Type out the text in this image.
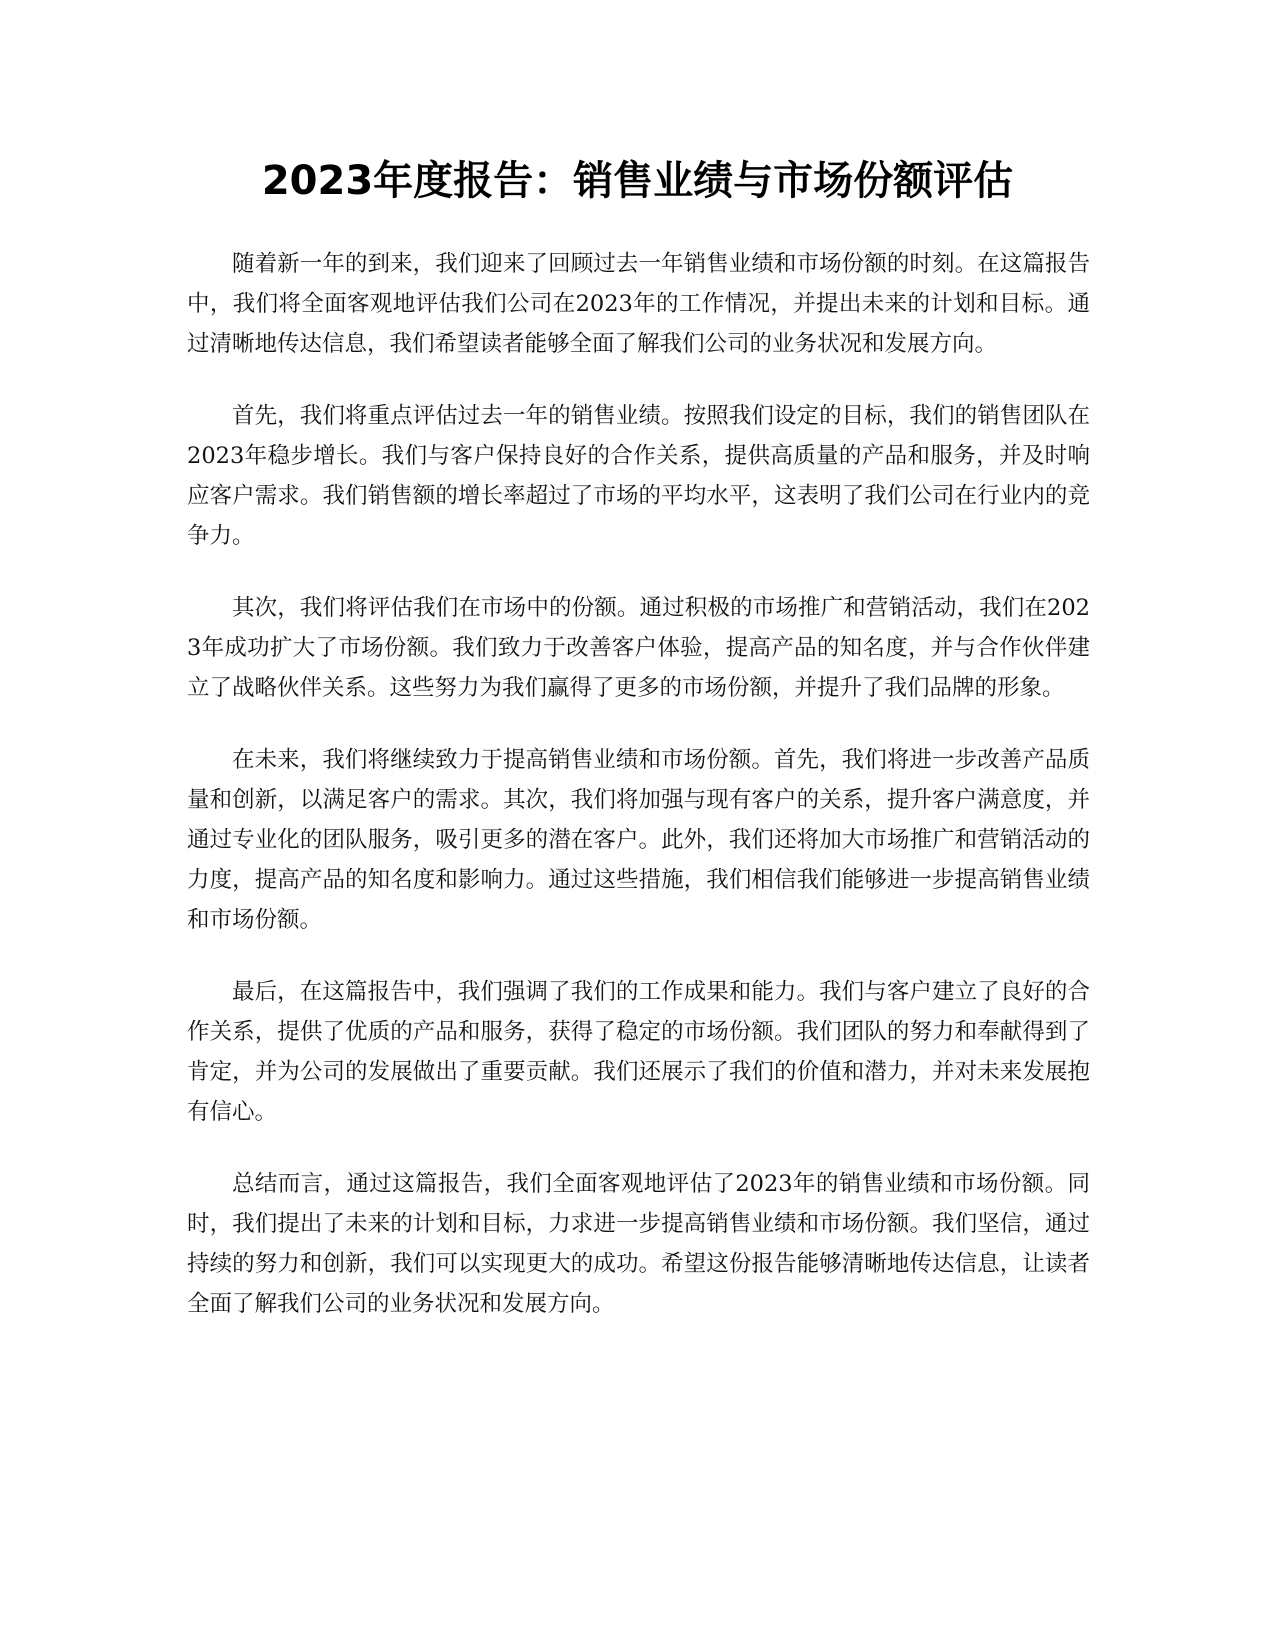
2023年度报告：销售业绩与市场份额评估

随着新一年的到来，我们迎来了回顾过去一年销售业绩和市场份额的时刻。在这篇报告中，我们将全面客观地评估我们公司在2023年的工作情况，并提出未来的计划和目标。通过清晰地传达信息，我们希望读者能够全面了解我们公司的业务状况和发展方向。

首先，我们将重点评估过去一年的销售业绩。按照我们设定的目标，我们的销售团队在2023年稳步增长。我们与客户保持良好的合作关系，提供高质量的产品和服务，并及时响应客户需求。我们销售额的增长率超过了市场的平均水平，这表明了我们公司在行业内的竞争力。

其次，我们将评估我们在市场中的份额。通过积极的市场推广和营销活动，我们在2023年成功扩大了市场份额。我们致力于改善客户体验，提高产品的知名度，并与合作伙伴建立了战略伙伴关系。这些努力为我们赢得了更多的市场份额，并提升了我们品牌的形象。

在未来，我们将继续致力于提高销售业绩和市场份额。首先，我们将进一步改善产品质量和创新，以满足客户的需求。其次，我们将加强与现有客户的关系，提升客户满意度，并通过专业化的团队服务，吸引更多的潜在客户。此外，我们还将加大市场推广和营销活动的力度，提高产品的知名度和影响力。通过这些措施，我们相信我们能够进一步提高销售业绩和市场份额。

最后，在这篇报告中，我们强调了我们的工作成果和能力。我们与客户建立了良好的合作关系，提供了优质的产品和服务，获得了稳定的市场份额。我们团队的努力和奉献得到了肯定，并为公司的发展做出了重要贡献。我们还展示了我们的价值和潜力，并对未来发展抱有信心。

总结而言，通过这篇报告，我们全面客观地评估了2023年的销售业绩和市场份额。同时，我们提出了未来的计划和目标，力求进一步提高销售业绩和市场份额。我们坚信，通过持续的努力和创新，我们可以实现更大的成功。希望这份报告能够清晰地传达信息，让读者全面了解我们公司的业务状况和发展方向。
